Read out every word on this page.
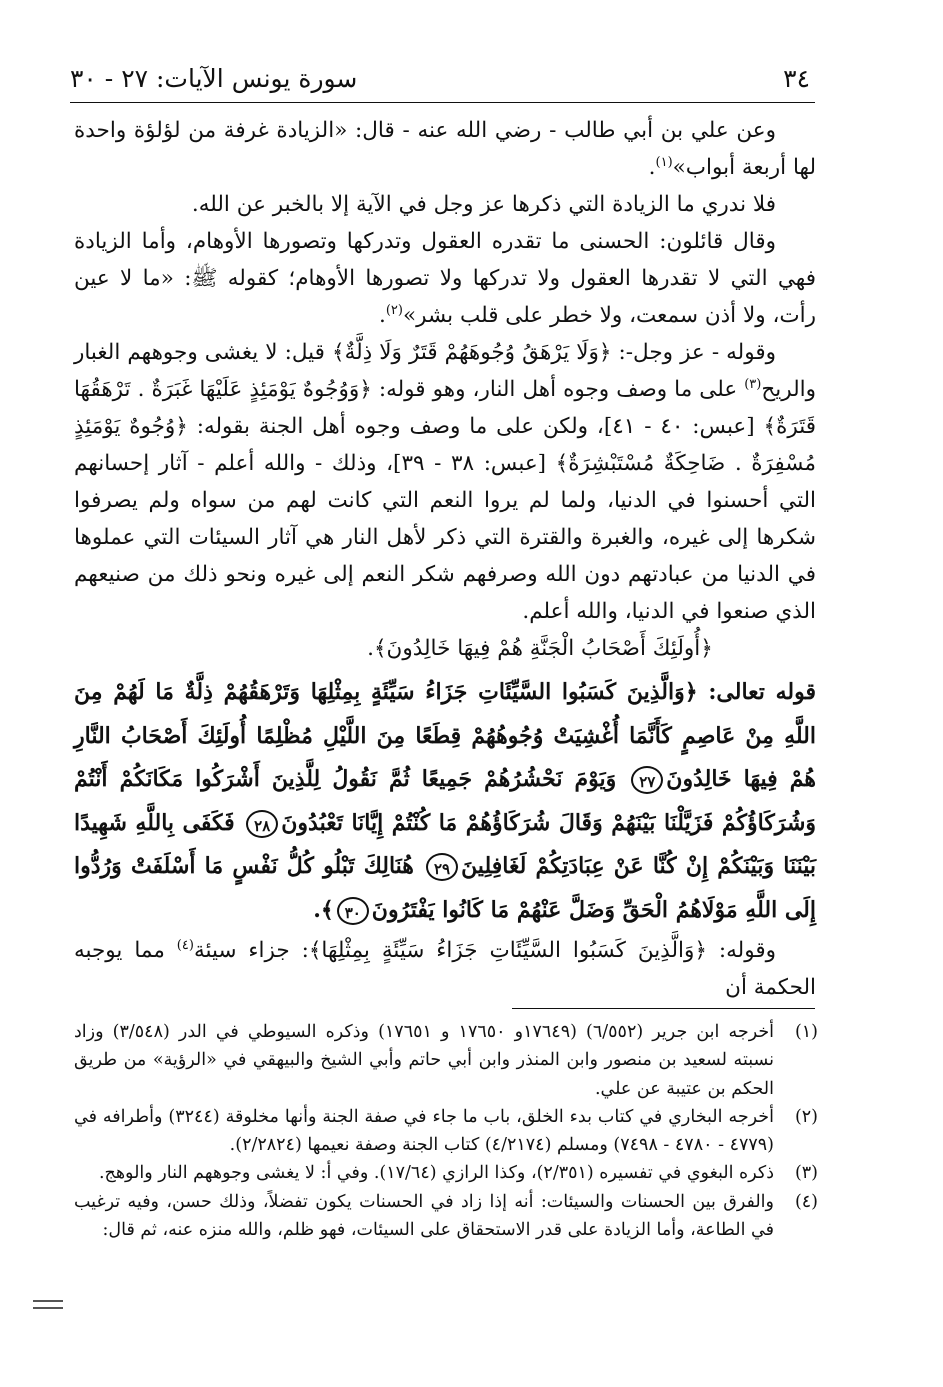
٣٤
سورة يونس الآيات: ٢٧ - ٣٠

وعن علي بن أبي طالب - رضي الله عنه - قال: «الزيادة غرفة من لؤلؤة واحدة لها أربعة أبواب»$^{(١)}$.

فلا ندري ما الزيادة التي ذكرها عز وجل في الآية إلا بالخبر عن الله.

وقال قائلون: الحسنى ما تقدره العقول وتدركها وتصورها الأوهام، وأما الزيادة فهي التي لا تقدرها العقول ولا تدركها ولا تصورها الأوهام؛ كقوله ﷺ: «ما لا عين رأت، ولا أذن سمعت، ولا خطر على قلب بشر»$^{(٢)}$.

وقوله - عز وجل-: ﴿وَلَا يَرْهَقُ وُجُوهَهُمْ قَتَرٌ وَلَا ذِلَّةٌ﴾ قيل: لا يغشى وجوههم الغبار والريح$^{(٣)}$ على ما وصف وجوه أهل النار، وهو قوله: ﴿وَوُجُوهٌ يَوْمَئِذٍ عَلَيْهَا غَبَرَةٌ . تَرْهَقُهَا قَتَرَةٌ﴾ [عبس: ٤٠ - ٤١]، ولكن على ما وصف وجوه أهل الجنة بقوله: ﴿وُجُوهٌ يَوْمَئِذٍ مُسْفِرَةٌ . ضَاحِكَةٌ مُسْتَبْشِرَةٌ﴾ [عبس: ٣٨ - ٣٩]، وذلك - والله أعلم - آثار إحسانهم التي أحسنوا في الدنيا، ولما لم يروا النعم التي كانت لهم من سواه ولم يصرفوا شكرها إلى غيره، والغبرة والقترة التي ذكر لأهل النار هي آثار السيئات التي عملوها في الدنيا من عبادتهم دون الله وصرفهم شكر النعم إلى غيره ونحو ذلك من صنيعهم الذي صنعوا في الدنيا، والله أعلم.

﴿أُولَئِكَ أَصْحَابُ الْجَنَّةِ هُمْ فِيهَا خَالِدُونَ﴾.

قوله تعالى: ﴿وَالَّذِينَ كَسَبُوا السَّيِّئَاتِ جَزَاءُ سَيِّئَةٍ بِمِثْلِهَا وَتَرْهَقُهُمْ ذِلَّةٌ مَا لَهُمْ مِنَ اللَّهِ مِنْ عَاصِمٍ كَأَنَّمَا أُغْشِيَتْ وُجُوهُهُمْ قِطَعًا مِنَ اللَّيْلِ مُظْلِمًا أُولَئِكَ أَصْحَابُ النَّارِ هُمْ فِيهَا خَالِدُونَ٢٧ وَيَوْمَ نَحْشُرُهُمْ جَمِيعًا ثُمَّ نَقُولُ لِلَّذِينَ أَشْرَكُوا مَكَانَكُمْ أَنْتُمْ وَشُرَكَاؤُكُمْ فَزَيَّلْنَا بَيْنَهُمْ وَقَالَ شُرَكَاؤُهُمْ مَا كُنْتُمْ إِيَّانَا تَعْبُدُونَ٢٨ فَكَفَى بِاللَّهِ شَهِيدًا بَيْنَنَا وَبَيْنَكُمْ إِنْ كُنَّا عَنْ عِبَادَتِكُمْ لَغَافِلِينَ٢٩ هُنَالِكَ تَبْلُو كُلُّ نَفْسٍ مَا أَسْلَفَتْ وَرُدُّوا إِلَى اللَّهِ مَوْلَاهُمُ الْحَقِّ وَضَلَّ عَنْهُمْ مَا كَانُوا يَفْتَرُونَ٣٠﴾.

وقوله: ﴿وَالَّذِينَ كَسَبُوا السَّيِّئَاتِ جَزَاءُ سَيِّئَةٍ بِمِثْلِهَا﴾: جزاء سيئة$^{(٤)}$ مما يوجبه الحكمة أن

(١)
أخرجه ابن جرير (٦/٥٥٢) (١٧٦٤٩و ١٧٦٥٠ و ١٧٦٥١) وذكره السيوطي في الدر (٣/٥٤٨) وزاد نسبته لسعيد بن منصور وابن المنذر وابن أبي حاتم وأبي الشيخ والبيهقي في «الرؤية» من طريق الحكم بن عتيبة عن علي.
(٢)
أخرجه البخاري في كتاب بدء الخلق، باب ما جاء في صفة الجنة وأنها مخلوقة (٣٢٤٤) وأطرافه في (٤٧٧٩ - ٤٧٨٠ - ٧٤٩٨) ومسلم (٤/٢١٧٤) كتاب الجنة وصفة نعيمها (٢/٢٨٢٤).
(٣)
ذكره البغوي في تفسيره (٢/٣٥١)، وكذا الرازي (١٧/٦٤). وفي أ: لا يغشى وجوههم النار والوهج.
(٤)
والفرق بين الحسنات والسيئات: أنه إذا زاد في الحسنات يكون تفضلاً، وذلك حسن، وفيه ترغيب في الطاعة، وأما الزيادة على قدر الاستحقاق على السيئات، فهو ظلم، والله منزه عنه، ثم قال:
